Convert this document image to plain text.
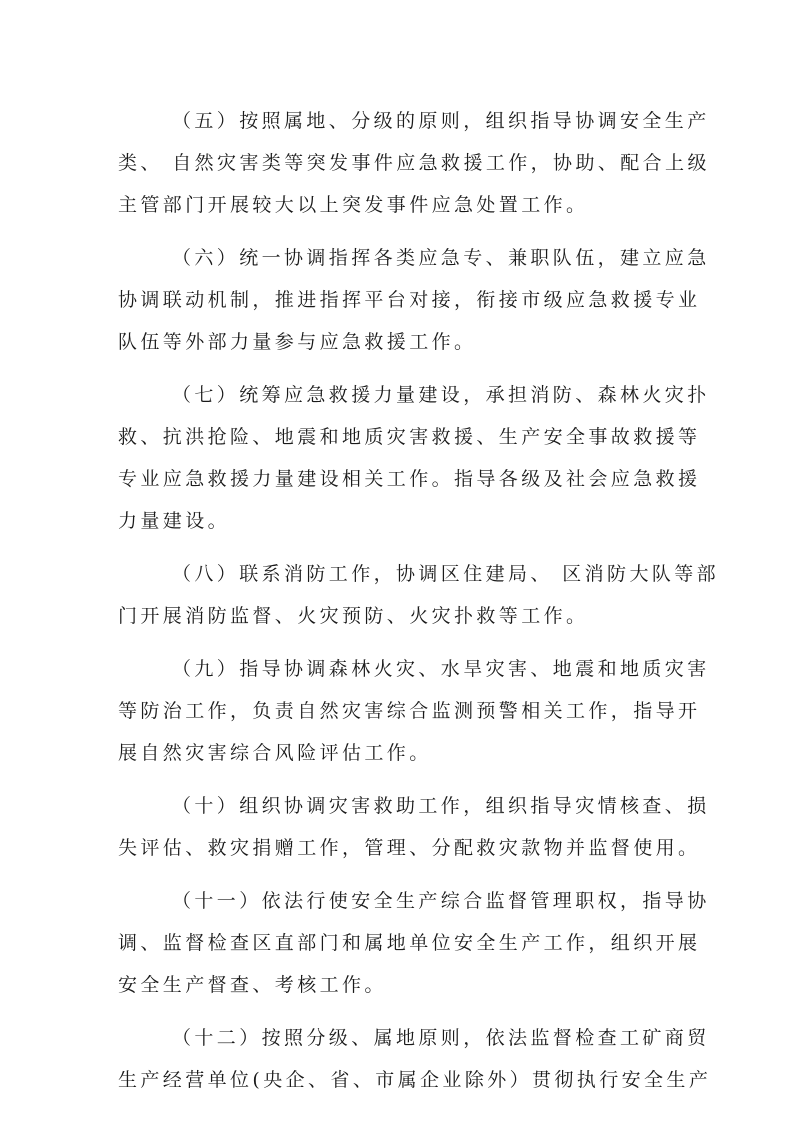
（五）按照属地、分级的原则，组织指导协调安全生产
类、 自然灾害类等突发事件应急救援工作，协助、配合上级
主管部门开展较大以上突发事件应急处置工作。
（六）统一协调指挥各类应急专、兼职队伍，建立应急
协调联动机制，推进指挥平台对接，衔接市级应急救援专业
队伍等外部力量参与应急救援工作。
（七）统筹应急救援力量建设，承担消防、森林火灾扑
救、抗洪抢险、地震和地质灾害救援、生产安全事故救援等
专业应急救援力量建设相关工作。指导各级及社会应急救援
力量建设。
（八）联系消防工作，协调区住建局、 区消防大队等部
门开展消防监督、火灾预防、火灾扑救等工作。
（九）指导协调森林火灾、水旱灾害、地震和地质灾害
等防治工作，负责自然灾害综合监测预警相关工作，指导开
展自然灾害综合风险评估工作。
（十）组织协调灾害救助工作，组织指导灾情核查、损
失评估、救灾捐赠工作，管理、分配救灾款物并监督使用。
（十一）依法行使安全生产综合监督管理职权，指导协
调、监督检查区直部门和属地单位安全生产工作，组织开展
安全生产督查、考核工作。
（十二）按照分级、属地原则，依法监督检查工矿商贸
生产经营单位(央企、省、市属企业除外）贯彻执行安全生产
